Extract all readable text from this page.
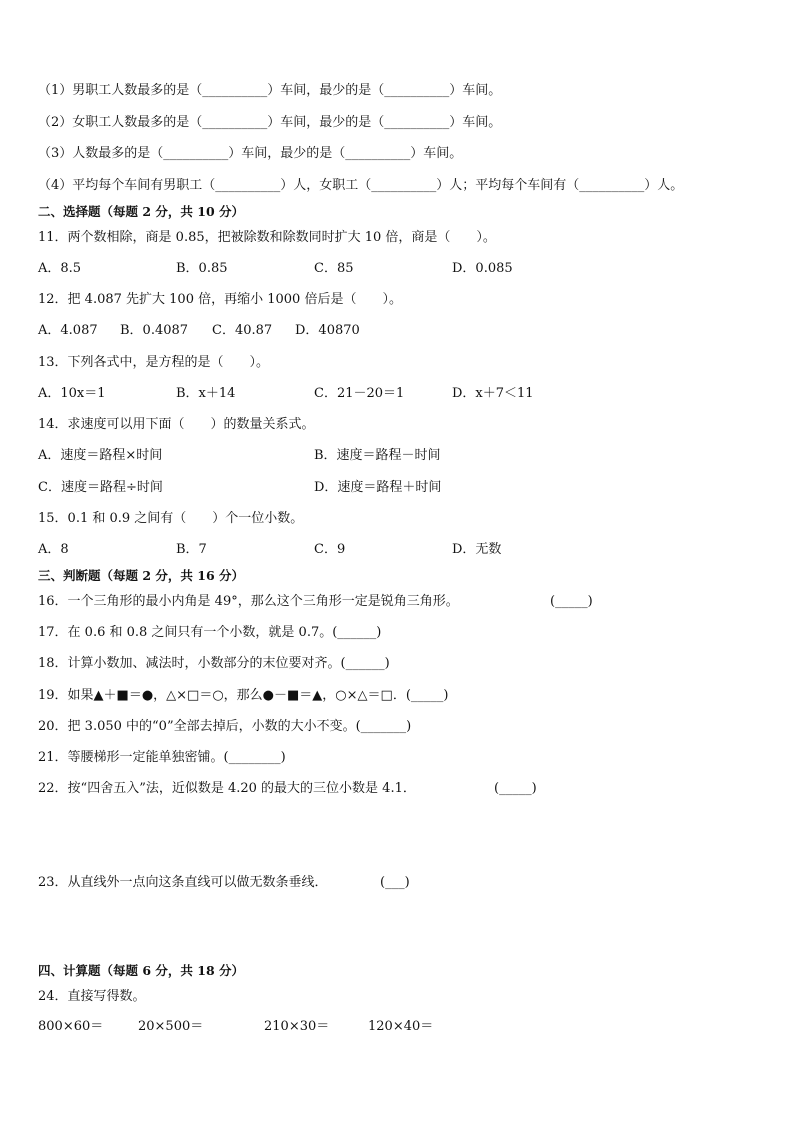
（1）男职工人数最多的是（__________）车间，最少的是（__________）车间。
（2）女职工人数最多的是（__________）车间，最少的是（__________）车间。
（3）人数最多的是（__________）车间，最少的是（__________）车间。
（4）平均每个车间有男职工（__________）人，女职工（__________）人；平均每个车间有（__________）人。
二、选择题（每题 2 分，共 10 分）
11．两个数相除，商是 0.85，把被除数和除数同时扩大 10 倍，商是（　　）。
A．8.5	B．0.85	C．85	D．0.085
12．把 4.087 先扩大 100 倍，再缩小 1000 倍后是（　　）。
A．4.087 B．0.4087 C．40.87 D．40870
13．下列各式中，是方程的是（　　）。
A．10x＝1	B．x＋14	C．21－20＝1	D．x＋7＜11
14．求速度可以用下面（　　）的数量关系式。
A．速度＝路程×时间	B．速度＝路程－时间
C．速度＝路程÷时间	D．速度＝路程＋时间
15．0.1 和 0.9 之间有（　　）个一位小数。
A．8	B．7	C．9	D．无数
三、判断题（每题 2 分，共 16 分）
16．一个三角形的最小内角是 49°，那么这个三角形一定是锐角三角形。	(_____)
17．在 0.6 和 0.8 之间只有一个小数，就是 0.7。(______)
18．计算小数加、减法时，小数部分的末位要对齐。(______)
19．如果▲＋■＝●，△×□＝○，那么●－■＝▲，○×△＝□．(_____)
20．把 3.050 中的“0”全部去掉后，小数的大小不变。(_______)
21．等腰梯形一定能单独密铺。(________)
22．按“四舍五入”法，近似数是 4.20 的最大的三位小数是 4.1．	(_____)
23．从直线外一点向这条直线可以做无数条垂线．	(___)
四、计算题（每题 6 分，共 18 分）
24．直接写得数。
800×60＝	20×500＝	210×30＝	120×40＝
